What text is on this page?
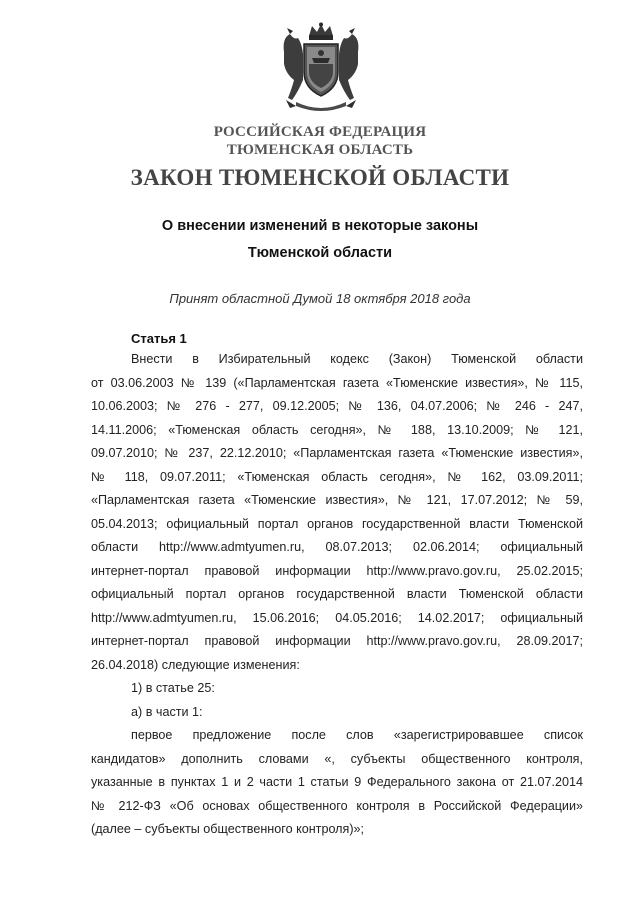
РОССИЙСКАЯ ФЕДЕРАЦИЯ
ТЮМЕНСКАЯ ОБЛАСТЬ
ЗАКОН ТЮМЕНСКОЙ ОБЛАСТИ
О внесении изменений в некоторые законы
Тюменской области
Принят областной Думой 18 октября 2018 года
Статья 1
Внести в Избирательный кодекс (Закон) Тюменской области
от 03.06.2003 № 139 («Парламентская газета «Тюменские известия», № 115,
10.06.2003; № 276 - 277, 09.12.2005; № 136, 04.07.2006; № 246 - 247,
14.11.2006; «Тюменская область сегодня», № 188, 13.10.2009; № 121,
09.07.2010; № 237, 22.12.2010; «Парламентская газета «Тюменские известия»,
№ 118, 09.07.2011; «Тюменская область сегодня», № 162, 03.09.2011;
«Парламентская газета «Тюменские известия», № 121, 17.07.2012; № 59,
05.04.2013; официальный портал органов государственной власти Тюменской
области http://www.admtyumen.ru, 08.07.2013; 02.06.2014; официальный
интернет-портал правовой информации http://www.pravo.gov.ru, 25.02.2015;
официальный портал органов государственной власти Тюменской области
http://www.admtyumen.ru, 15.06.2016; 04.05.2016; 14.02.2017; официальный
интернет-портал правовой информации http://www.pravo.gov.ru, 28.09.2017;
26.04.2018) следующие изменения:
1) в статье 25:
а) в части 1:
первое предложение после слов «зарегистрировавшее список
кандидатов» дополнить словами «, субъекты общественного контроля,
указанные в пунктах 1 и 2 части 1 статьи 9 Федерального закона от 21.07.2014
№ 212-ФЗ «Об основах общественного контроля в Российской Федерации»
(далее – субъекты общественного контроля)»;
